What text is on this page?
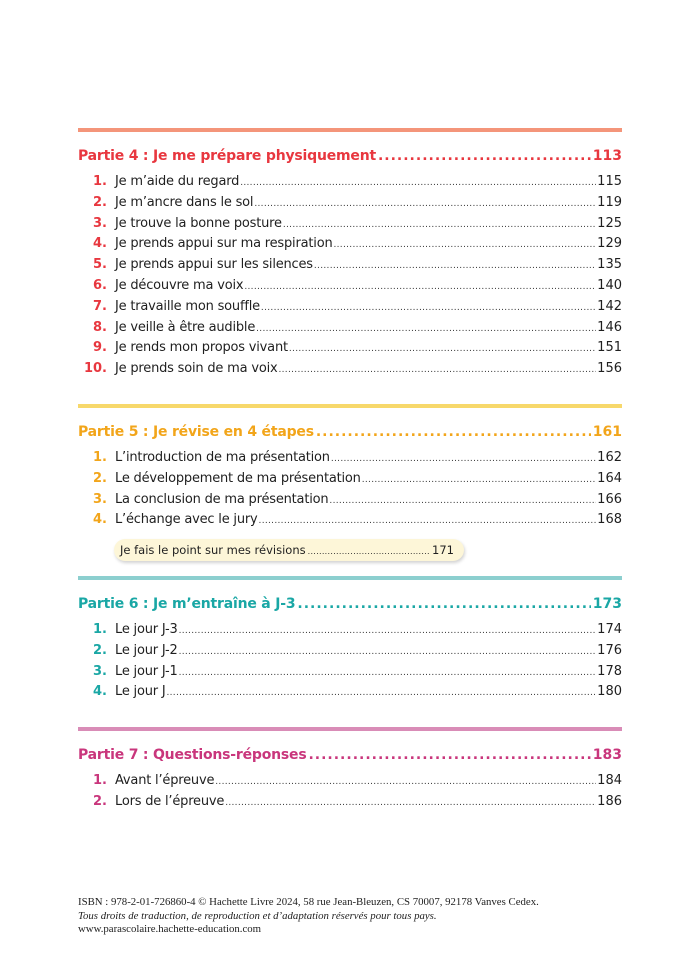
Partie 4 : Je me prépare physiquement .....	113
1. Je m’aide du regard .....	115
2. Je m’ancre dans le sol .....	119
3. Je trouve la bonne posture .....	125
4. Je prends appui sur ma respiration .....	129
5. Je prends appui sur les silences .....	135
6. Je découvre ma voix .....	140
7. Je travaille mon souffle .....	142
8. Je veille à être audible .....	146
9. Je rends mon propos vivant .....	151
10. Je prends soin de ma voix .....	156
Partie 5 : Je révise en 4 étapes .....	161
1. L’introduction de ma présentation .....	162
2. Le développement de ma présentation .....	164
3. La conclusion de ma présentation .....	166
4. L’échange avec le jury .....	168
Je fais le point sur mes révisions .....	171
Partie 6 : Je m’entraîne à J-3 .....	173
1. Le jour J-3 .....	174
2. Le jour J-2 .....	176
3. Le jour J-1 .....	178
4. Le jour J .....	180
Partie 7 : Questions-réponses .....	183
1. Avant l’épreuve .....	184
2. Lors de l’épreuve .....	186
ISBN : 978-2-01-726860-4 © Hachette Livre 2024, 58 rue Jean-Bleuzen, CS 70007, 92178 Vanves Cedex.
Tous droits de traduction, de reproduction et d’adaptation réservés pour tous pays.
www.parascolaire.hachette-education.com
